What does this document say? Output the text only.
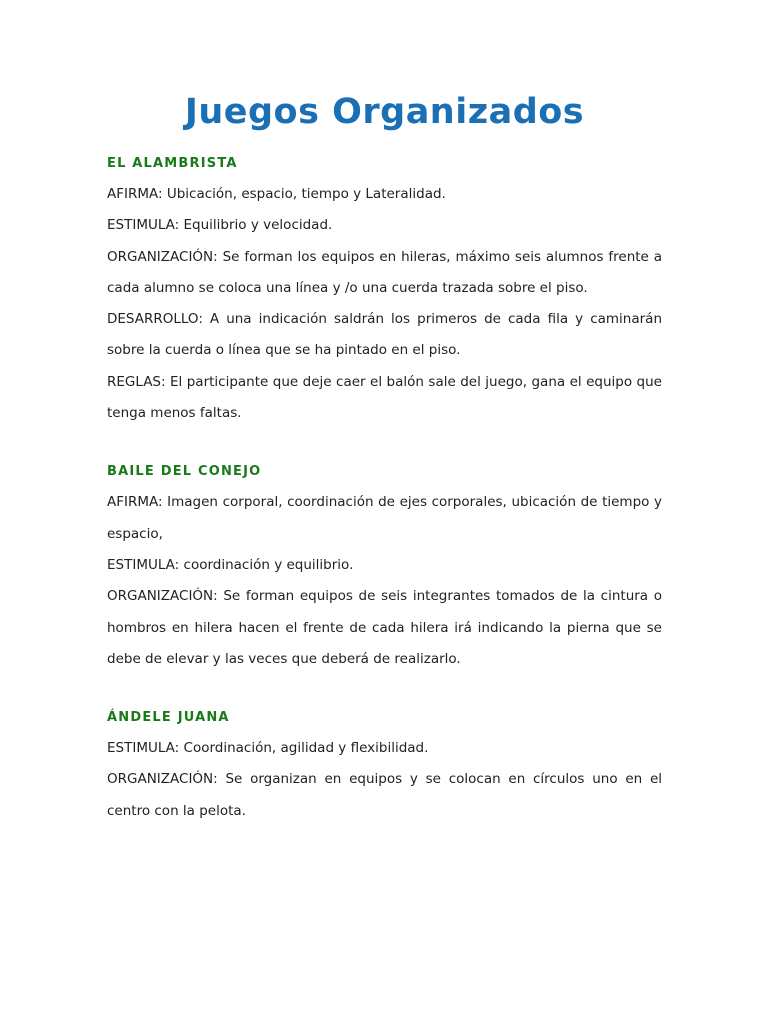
Juegos Organizados

EL ALAMBRISTA

AFIRMA: Ubicación, espacio, tiempo y Lateralidad.

ESTIMULA: Equilibrio y velocidad.

ORGANIZACIÓN: Se forman los equipos en hileras, máximo seis alumnos frente a cada alumno se coloca una línea y /o una cuerda trazada sobre el piso.

DESARROLLO: A una indicación saldrán los primeros de cada fila y caminarán sobre la cuerda o línea que se ha pintado en el piso.

REGLAS: El participante que deje caer el balón sale del juego, gana el equipo que tenga menos faltas.

BAILE DEL CONEJO

AFIRMA: Imagen corporal, coordinación de ejes corporales, ubicación de tiempo y espacio,

ESTIMULA: coordinación y equilibrio.

ORGANIZACIÓN: Se forman equipos de seis integrantes tomados de la cintura o hombros en hilera hacen el frente de cada hilera irá indicando la pierna que se debe de elevar y las veces que deberá de realizarlo.

ÁNDELE JUANA

ESTIMULA: Coordinación, agilidad y flexibilidad.

ORGANIZACIÓN: Se organizan en equipos y se colocan en círculos uno en el centro con la pelota.
